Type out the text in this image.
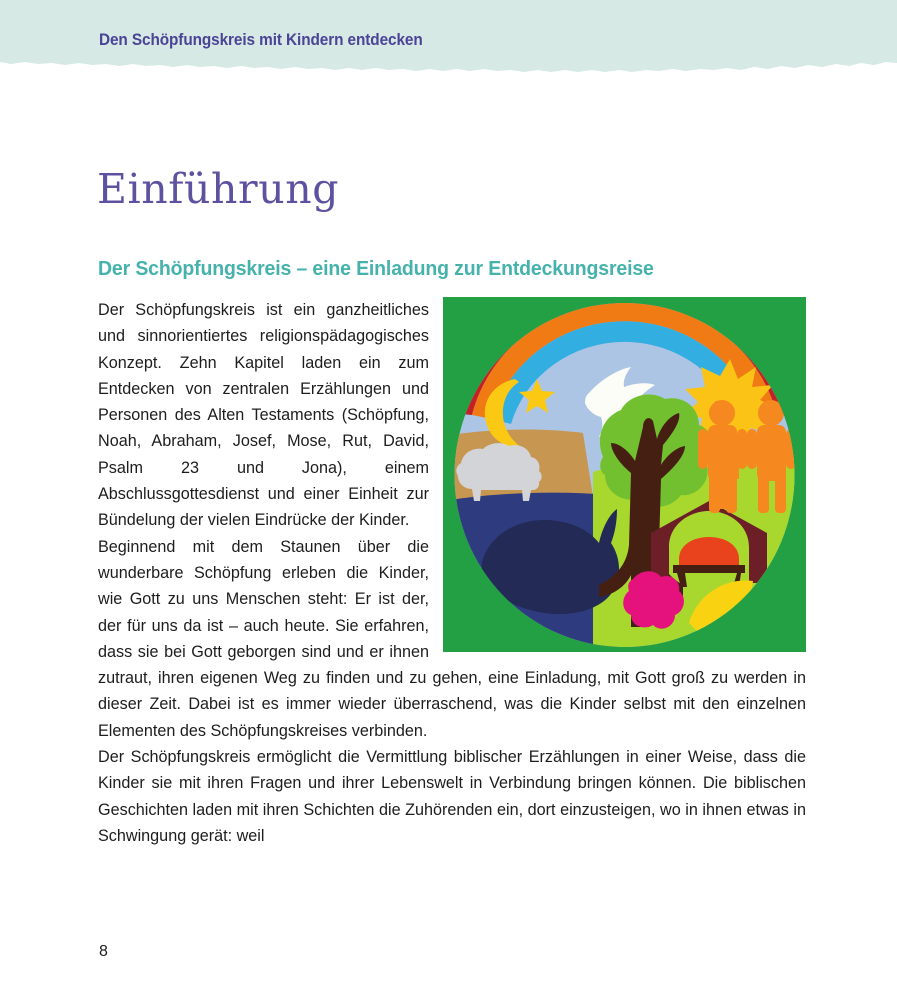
Den Schöpfungskreis mit Kindern entdecken
Einführung
Der Schöpfungskreis – eine Einladung zur Entdeckungsreise

Der Schöpfungskreis ist ein ganzheitliches und sinnorientiertes religionspädagogisches Konzept. Zehn Kapitel laden ein zum Entdecken von zentralen Erzählungen und Personen des Alten Testaments (Schöpfung, Noah, Abraham, Josef, Mose, Rut, David, Psalm 23 und Jona), einem Abschlussgottesdienst und einer Einheit zur Bündelung der vielen Eindrücke der Kinder.

Beginnend mit dem Staunen über die wunderbare Schöpfung erleben die Kinder, wie Gott zu uns Menschen steht: Er ist der, der für uns da ist – auch heute. Sie erfahren, dass sie bei Gott geborgen sind und er ihnen zutraut, ihren eigenen Weg zu finden und zu gehen, eine Einladung, mit Gott groß zu werden in dieser Zeit. Dabei ist es immer wieder überraschend, was die Kinder selbst mit den einzelnen Elementen des Schöpfungskreises verbinden.

Der Schöpfungskreis ermöglicht die Vermittlung biblischer Erzählungen in einer Weise, dass die Kinder sie mit ihren Fragen und ihrer Lebenswelt in Verbindung bringen können. Die biblischen Geschichten laden mit ihren Schichten die Zuhörenden ein, dort einzusteigen, wo in ihnen etwas in Schwingung gerät: weil

8
